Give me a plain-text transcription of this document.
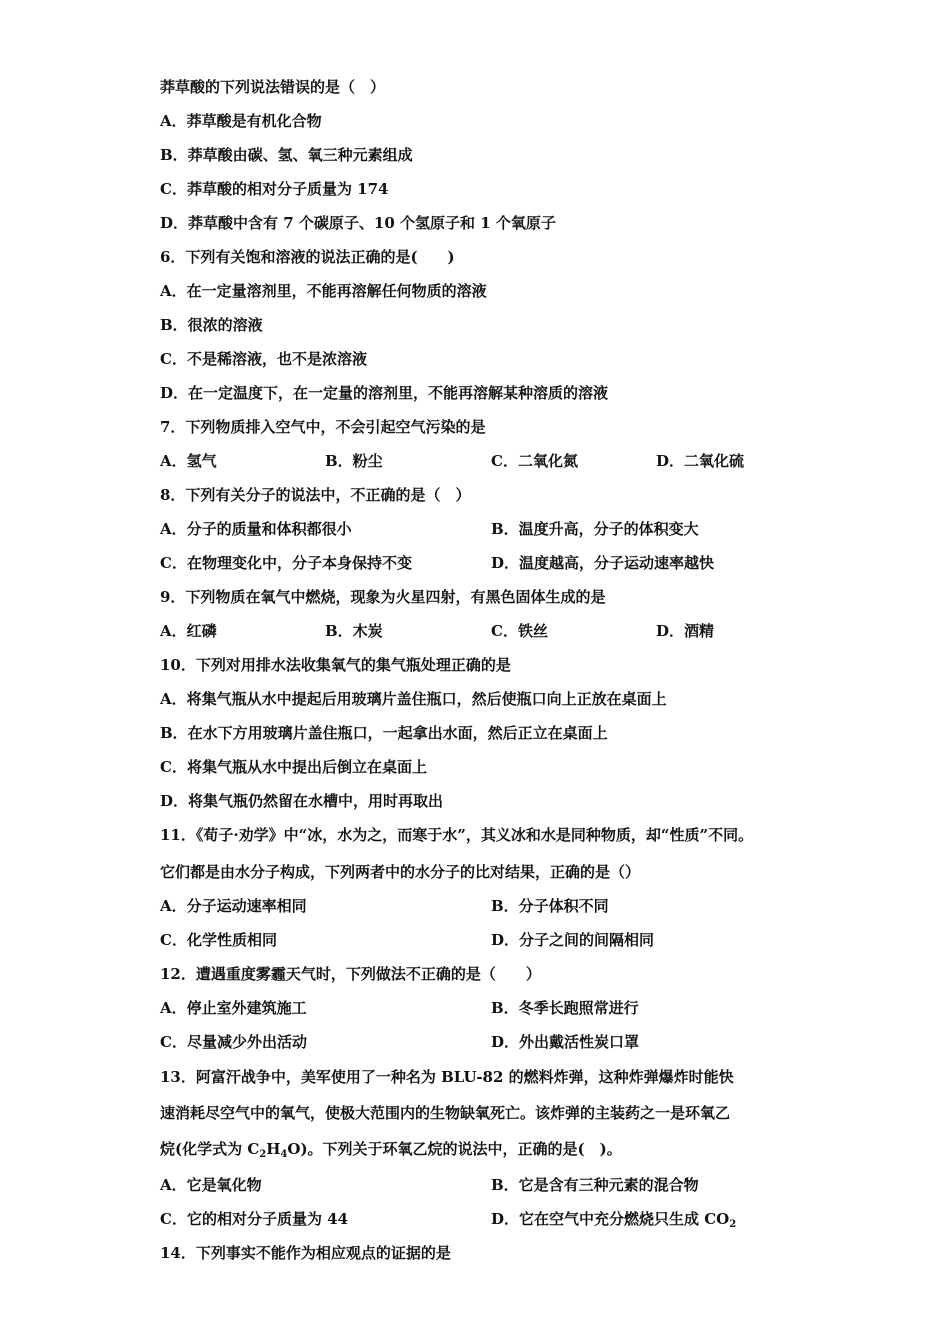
莽草酸的下列说法错误的是（　）
A．莽草酸是有机化合物
B．莽草酸由碳、氢、氧三种元素组成
C．莽草酸的相对分子质量为 174
D．莽草酸中含有 7 个碳原子、10 个氢原子和 1 个氧原子
6．下列有关饱和溶液的说法正确的是(　　)
A．在一定量溶剂里，不能再溶解任何物质的溶液
B．很浓的溶液
C．不是稀溶液，也不是浓溶液
D．在一定温度下，在一定量的溶剂里，不能再溶解某种溶质的溶液
7．下列物质排入空气中，不会引起空气污染的是
A．氢气	B．粉尘	C．二氧化氮	D．二氧化硫
8．下列有关分子的说法中，不正确的是（　）
A．分子的质量和体积都很小	B．温度升高，分子的体积变大
C．在物理变化中，分子本身保持不变	D．温度越高，分子运动速率越快
9．下列物质在氧气中燃烧，现象为火星四射，有黑色固体生成的是
A．红磷	B．木炭	C．铁丝	D．酒精
10．下列对用排水法收集氧气的集气瓶处理正确的是
A．将集气瓶从水中提起后用玻璃片盖住瓶口，然后使瓶口向上正放在桌面上
B．在水下方用玻璃片盖住瓶口，一起拿出水面，然后正立在桌面上
C．将集气瓶从水中提出后倒立在桌面上
D．将集气瓶仍然留在水槽中，用时再取出
11．《荀子·劝学》中“冰，水为之，而寒于水”，其义冰和水是同种物质，却“性质”不同。
它们都是由水分子构成，下列两者中的水分子的比对结果，正确的是（）
A．分子运动速率相同	B．分子体积不同
C．化学性质相同	D．分子之间的间隔相同
12．遭遇重度雾霾天气时，下列做法不正确的是（　　）
A．停止室外建筑施工	B．冬季长跑照常进行
C．尽量减少外出活动	D．外出戴活性炭口罩
13．阿富汗战争中，美军使用了一种名为 BLU-82 的燃料炸弹，这种炸弹爆炸时能快
速消耗尽空气中的氧气，使极大范围内的生物缺氧死亡。该炸弹的主装药之一是环氧乙
烷(化学式为 $C_2H_4O$)。下列关于环氧乙烷的说法中，正确的是(　)。
A．它是氧化物	B．它是含有三种元素的混合物
C．它的相对分子质量为 44	D．它在空气中充分燃烧只生成 $CO_2$
14．下列事实不能作为相应观点的证据的是
